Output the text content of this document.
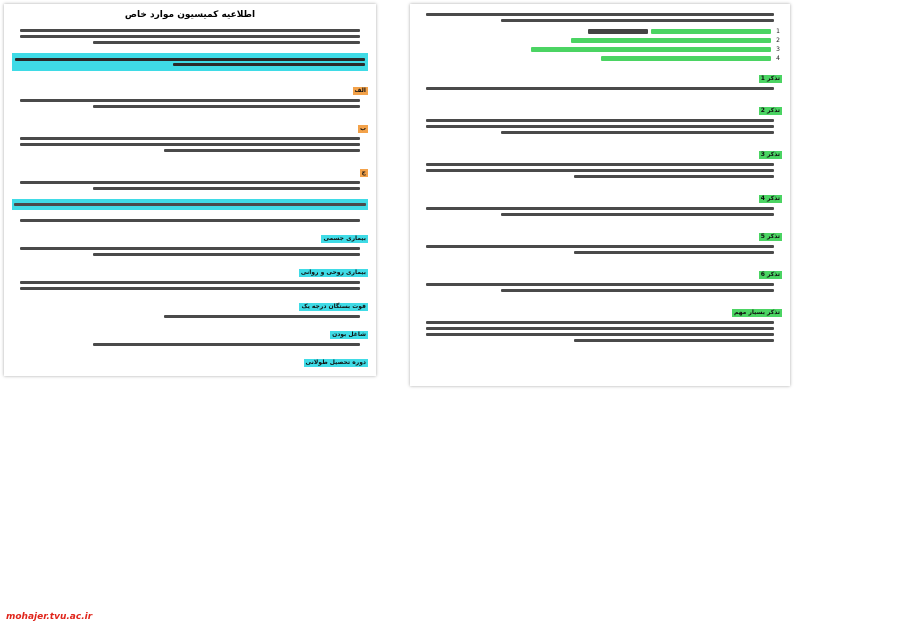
اطلاعیه کمیسیون موارد خاص
الف
ب
ج
بیماری جسمی
بیماری روحی و روانی
فوت بستگان درجه یک
شاغل بودن
دوره تحصیل طولانی
1
2
3
4
تذکر 1
تذکر 2
تذکر 3
تذکر 4
تذکر 5
تذکر 6
تذکر بسیار مهم
mohajer.tvu.ac.ir
